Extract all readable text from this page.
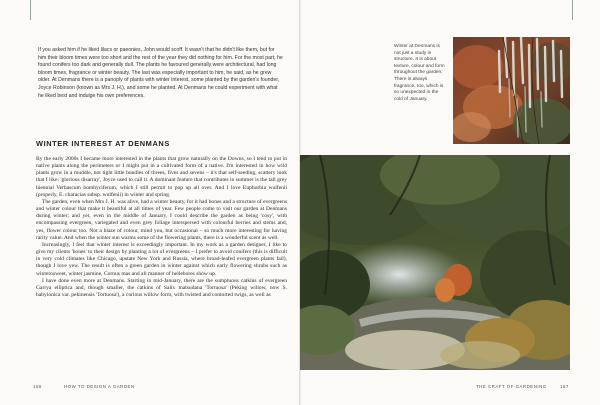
If you asked him if he liked lilacs or paeonies, John would scoff. It wasn't that he didn't like them, but for him their bloom times were too short and the rest of the year they did nothing for him. For the most part, he found conifers too dark and generally dull. The plants he favoured generally were architectural, had long bloom times, fragrance or winter beauty. The last was especially important to him, he said, as he grew older. At Denmans there is a panoply of plants with winter interest, some planted by the garden's founder, Joyce Robinson (known as Mrs J. H.), and some he planted. At Denmans he could experiment with what he liked best and indulge his own preferences.
WINTER INTEREST AT DENMANS

By the early 2000s I became more interested in the plants that grow naturally on the Downs, so I tend to put in native plants along the perimeters or I might put in a cultivated form of a native. I'm interested in how wild plants grow in a muddle, not tight little bundles of threes, fives and sevens – it's that self-seeding, scattery look that I like: 'glorious disarray', Joyce used to call it. A dominant feature that contributes in summer is the tall grey biennial Verbascum bombyciferum, which I still permit to pop up all over. And I love Euphorbia wulfenii (properly, E. characias subsp. wulfenii) in winter and spring.

The garden, even when Mrs J. H. was alive, had a winter beauty, for it had bones and a structure of evergreens and winter colour that make it beautiful at all times of year. Few people come to visit our garden at Denmans during winter; and yet, even in the middle of January, I could describe the garden as being 'cosy', with encompassing evergreen, variegated and even grey foliage interspersed with colourful berries and stems and, yes, flower colour too. Not a blaze of colour, mind you, but occasional – so much more interesting for having rarity value. And when the winter sun warms some of the flowering plants, there is a wonderful scent as well.

Increasingly, I feel that winter interest is exceedingly important. In my work as a garden designer, I like to give my clients 'bones' to their design by planting a lot of evergreens – I prefer to avoid conifers (this is difficult in very cold climates like Chicago, upstate New York and Russia, where broad-leafed evergreen plants fail), though I love yew. The result is often a green garden in winter against which early flowering shrubs such as winterosweet, winter jasmine, Cornus mas and all manner of hellebores show up.

I have done even more at Denmans. Starting in mid-January, there are the sumptuous catkins of evergreen Garrya elliptica and, though smaller, the catkins of Salix matsudana 'Tortuosa' (Peking willow, now S. babylonica var. pekinensis 'Tortuosa'), a curious willow form, with twisted and contorted twigs, as well as

Winter at Denmans is not just a study in structure. It is about texture, colour and form throughout the garden. There is always fragrance, too, which is so unexpected in the cold of January.
166	HOW TO DESIGN A GARDEN	THE CRAFT OF GARDENING	167
